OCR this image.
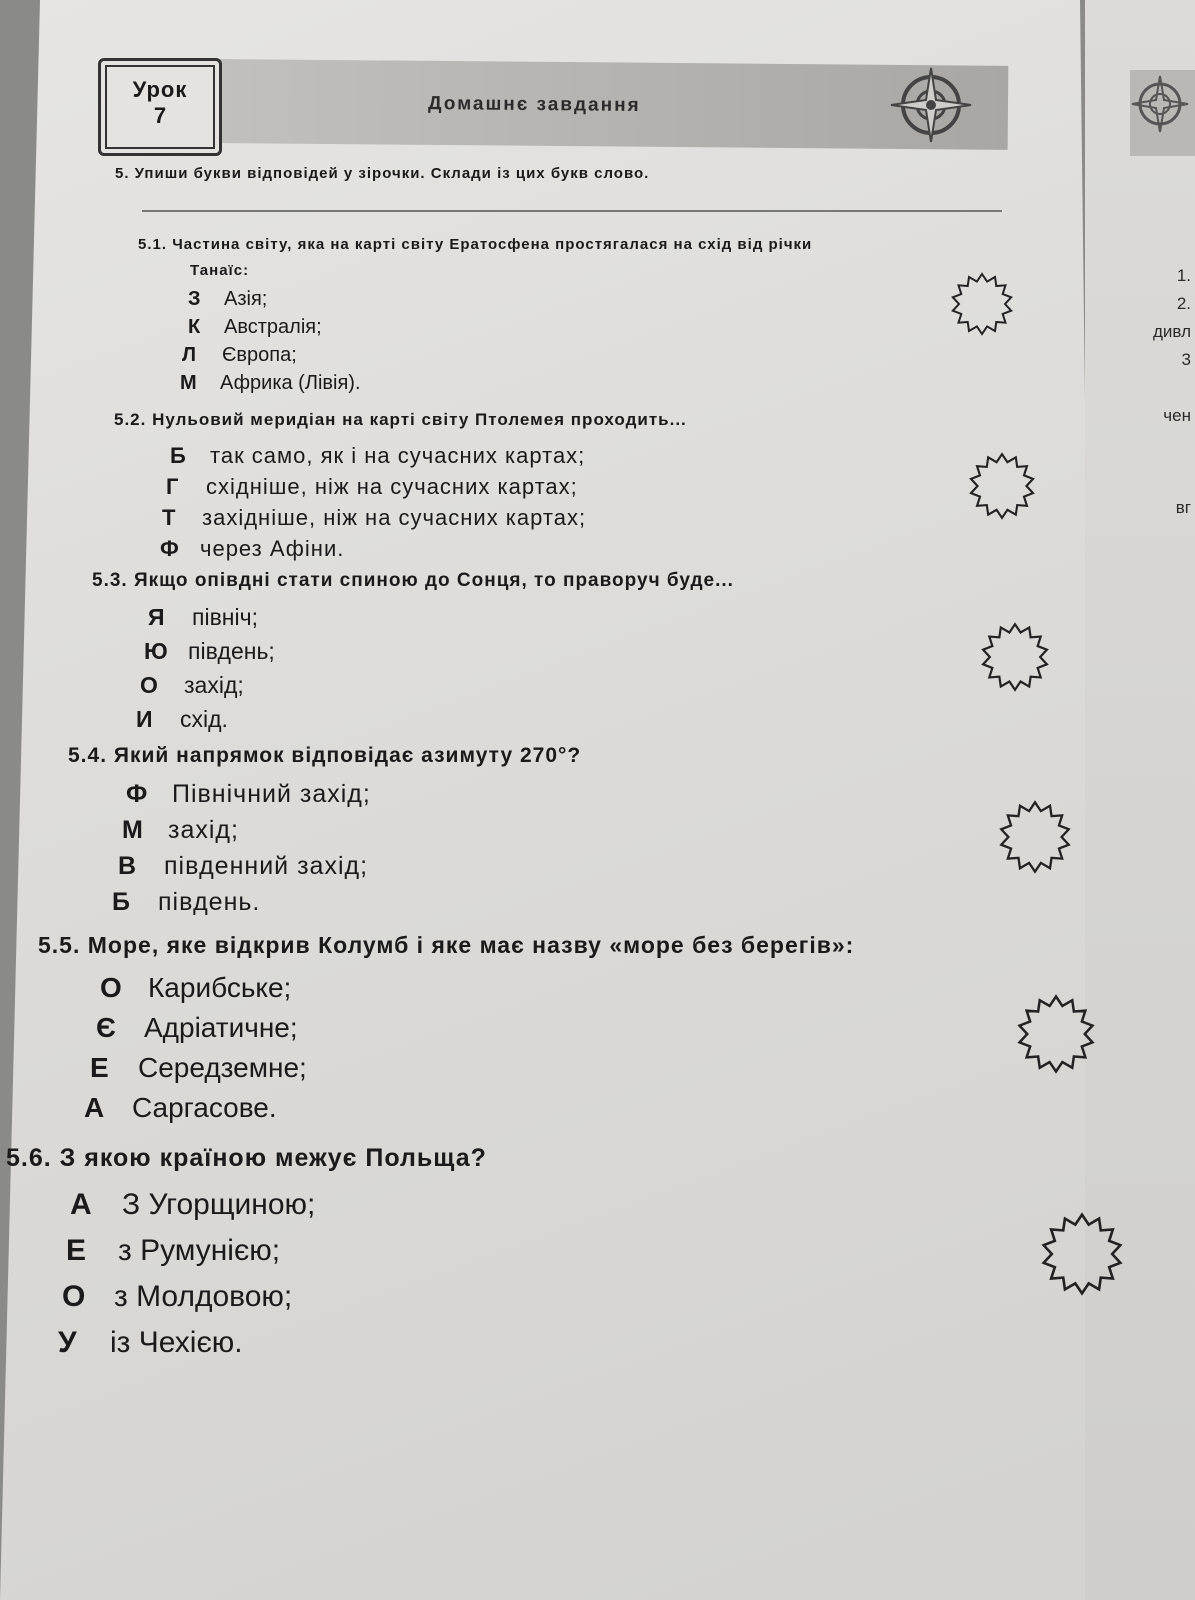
1.
2.
дивл
3
чен
вг
Урок
7	Домашнє завдання
5. Упиши букви відповідей у зірочки. Склади із цих букв слово.
5.1. Частина світу, яка на карті світу Ератосфена простягалася на схід від річки
Танаїс:
З Азія;
К Австралія;
Л Європа;
М Африка (Лівія).
5.2. Нульовий меридіан на карті світу Птолемея проходить...
Б так само, як і на сучасних картах;
Г східніше, ніж на сучасних картах;
Т західніше, ніж на сучасних картах;
Ф через Афіни.
5.3. Якщо опівдні стати спиною до Сонця, то праворуч буде...
Я північ;
Ю південь;
О захід;
И схід.
5.4. Який напрямок відповідає азимуту 270°?
Ф Північний захід;
М захід;
В південний захід;
Б південь.
5.5. Море, яке відкрив Колумб і яке має назву «море без берегів»:
О Карибське;
Є Адріатичне;
Е Середземне;
А Саргасове.
5.6. З якою країною межує Польща?
А З Угорщиною;
Е з Румунією;
О з Молдовою;
У із Чехією.
